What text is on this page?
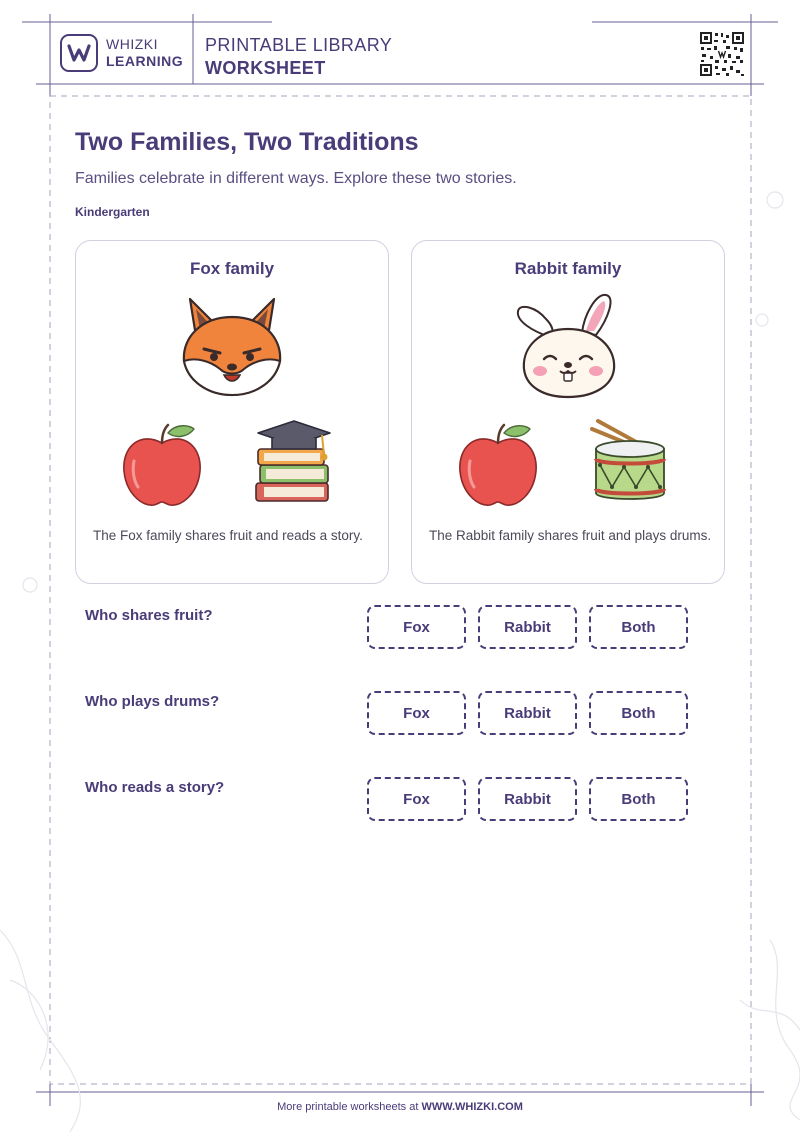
WHIZKI
LEARNING
PRINTABLE LIBRARY
WORKSHEET
Two Families, Two Traditions
Families celebrate in different ways. Explore these two stories.
Kindergarten
Fox family
The Fox family shares fruit and reads a story.
Rabbit family
The Rabbit family shares fruit and plays drums.
Who shares fruit?
Fox	Rabbit	Both
Who plays drums?
Fox	Rabbit	Both
Who reads a story?
Fox	Rabbit	Both
More printable worksheets at WWW.WHIZKI.COM
